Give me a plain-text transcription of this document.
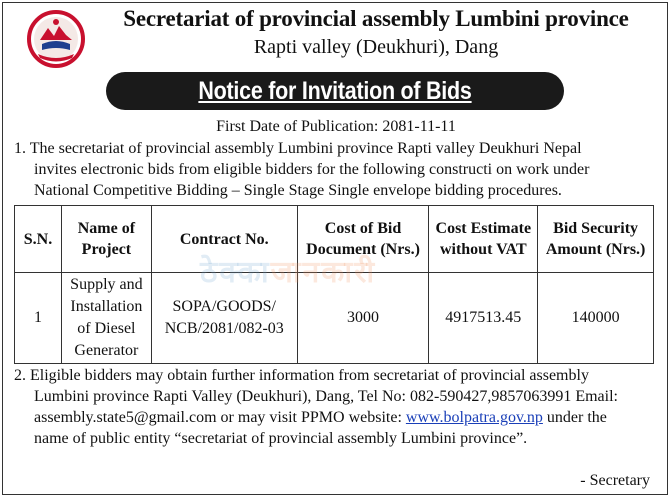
Secretariat of provincial assembly Lumbini province
Rapti valley (Deukhuri), Dang
Notice for Invitation of Bids
First Date of Publication: 2081-11-11
1. The secretariat of provincial assembly Lumbini province Rapti valley Deukhuri Nepal
invites electronic bids from eligible bidders for the following constructi on work under
National Competitive Bidding – Single Stage Single envelope bidding procedures.
S.N.	Name of Project	Contract No.	Cost of Bid Document (Nrs.)	Cost Estimate without VAT	Bid Security Amount (Nrs.)
1	Supply and Installation of Diesel Generator	SOPA/GOODS/ NCB/2081/082-03	3000	4917513.45	140000
ठेक्काजानकारी
2. Eligible bidders may obtain further information from secretariat of provincial assembly
Lumbini province Rapti Valley (Deukhuri), Dang, Tel No: 082-590427,9857063991 Email:
assembly.state5@gmail.com or may visit PPMO website: www.bolpatra.gov.np under the
name of public entity “secretariat of provincial assembly Lumbini province”.
- Secretary
